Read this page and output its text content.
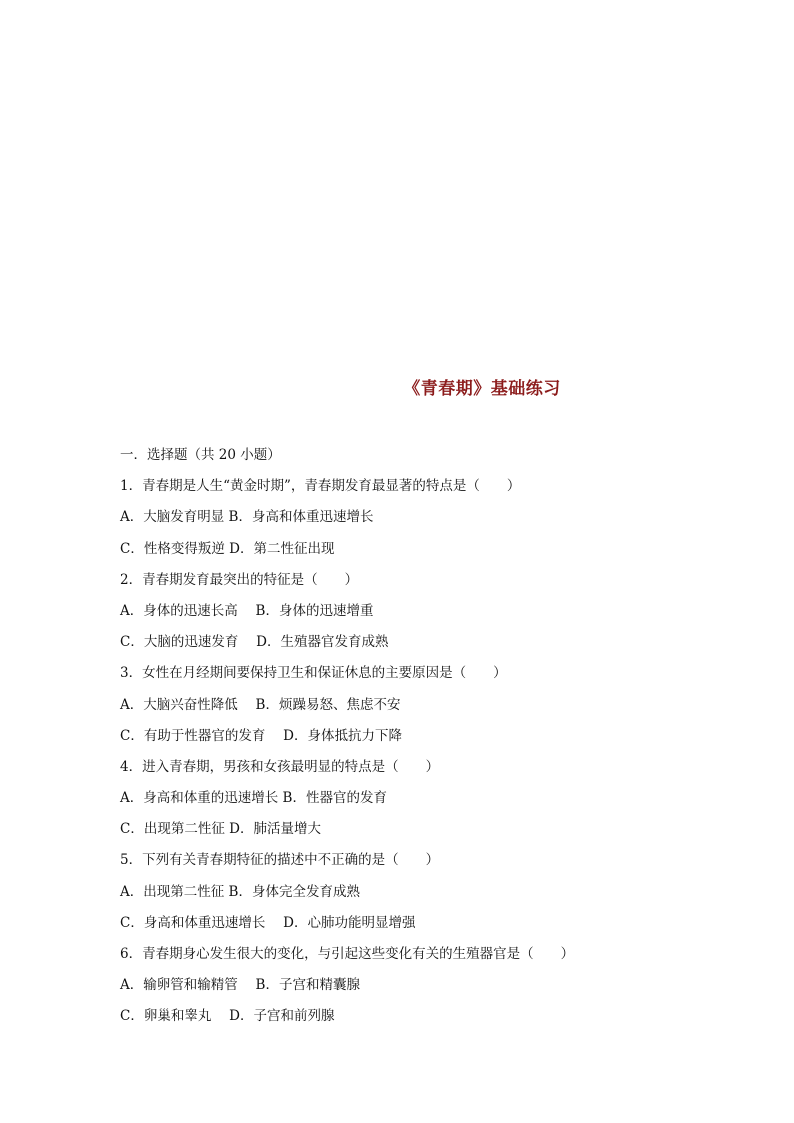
《青春期》基础练习
一．选择题（共 20 小题）
1．青春期是人生“黄金时期”，青春期发育最显著的特点是（　　）
A．大脑发育明显 B．身高和体重迅速增长
C．性格变得叛逆 D．第二性征出现
2．青春期发育最突出的特征是（　　）
A．身体的迅速长高　 B．身体的迅速增重
C．大脑的迅速发育　 D．生殖器官发育成熟
3．女性在月经期间要保持卫生和保证休息的主要原因是（　　）
A．大脑兴奋性降低　 B．烦躁易怒、焦虑不安
C．有助于性器官的发育　 D．身体抵抗力下降
4．进入青春期，男孩和女孩最明显的特点是（　　）
A．身高和体重的迅速增长 B．性器官的发育
C．出现第二性征 D．肺活量增大
5．下列有关青春期特征的描述中不正确的是（　　）
A．出现第二性征 B．身体完全发育成熟
C．身高和体重迅速增长　 D．心肺功能明显增强
6．青春期身心发生很大的变化，与引起这些变化有关的生殖器官是（　　）
A．输卵管和输精管　 B．子宫和精囊腺
C．卵巢和睾丸　 D．子宫和前列腺
